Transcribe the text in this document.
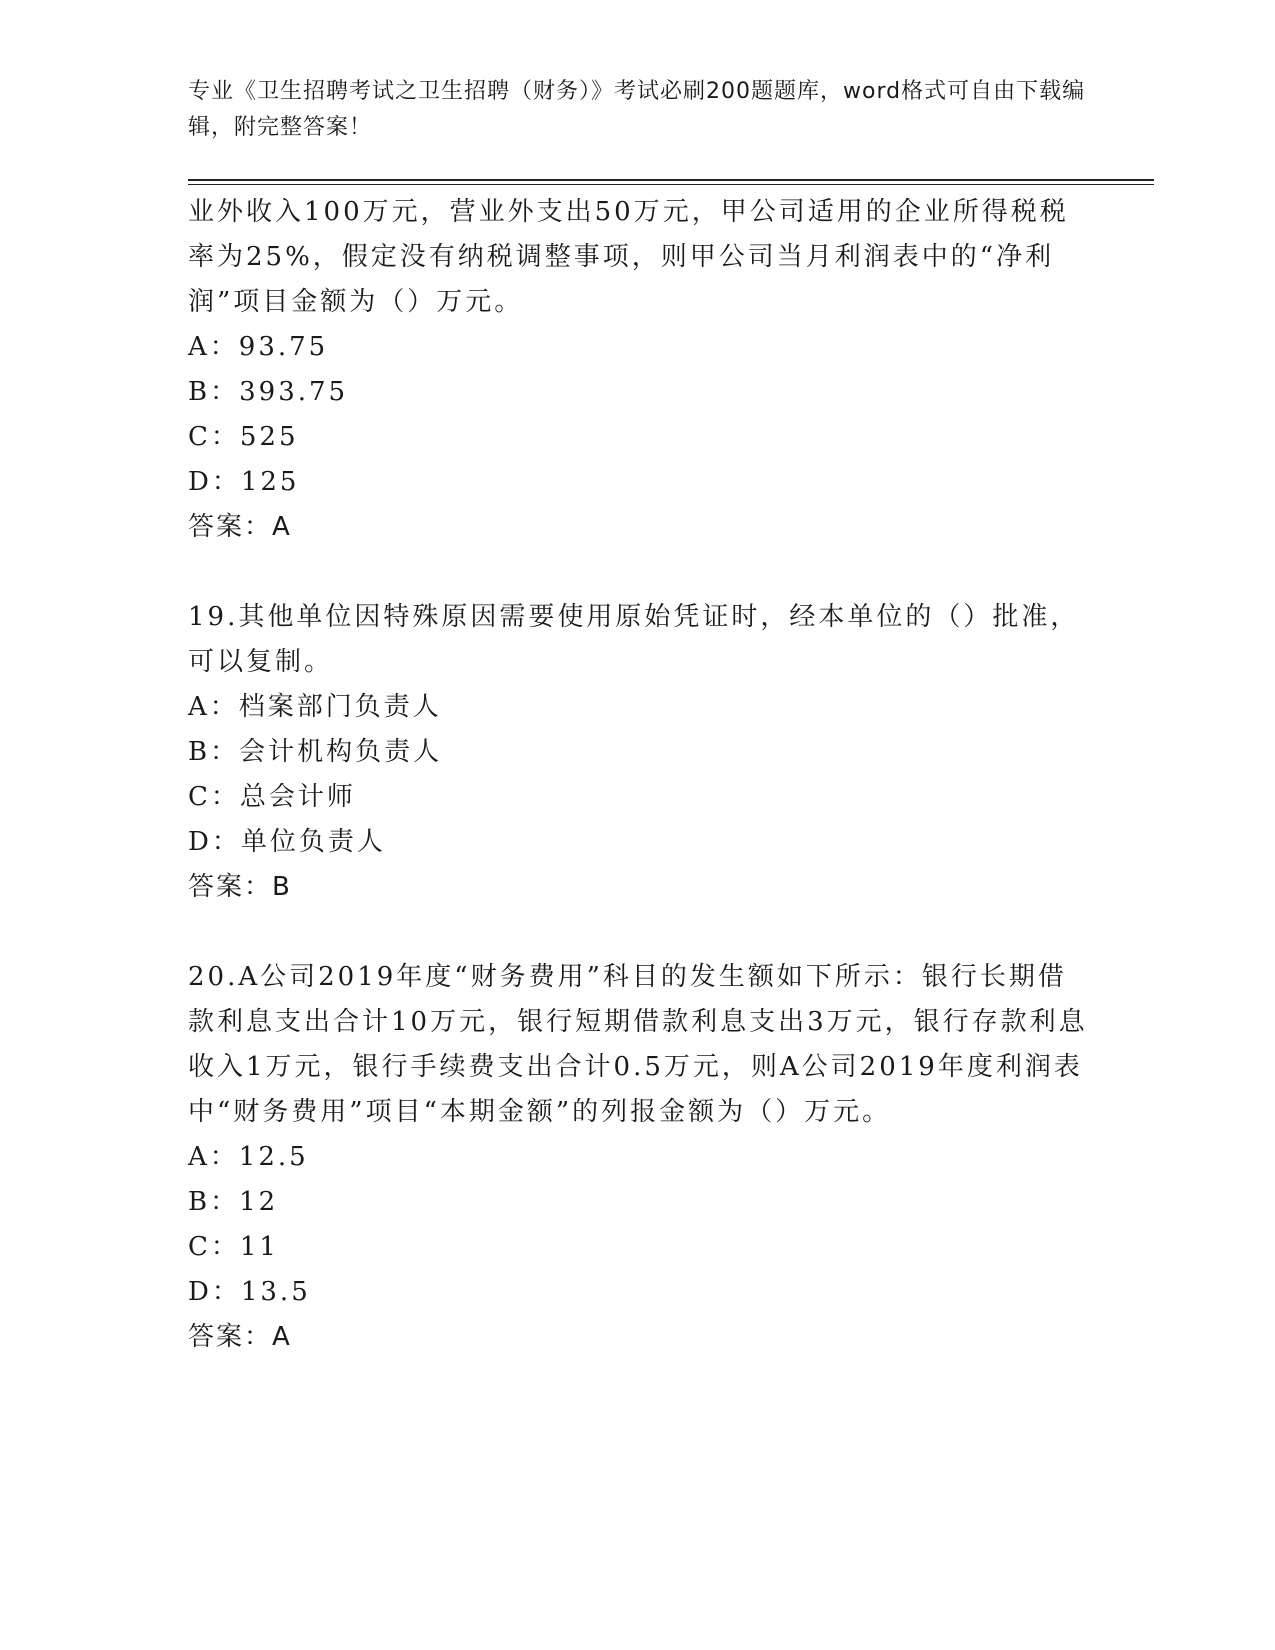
专业《卫生招聘考试之卫生招聘（财务）》考试必刷200题题库，word格式可自由下载编辑，附完整答案！
业外收入100万元，营业外支出50万元，甲公司适用的企业所得税税率为25%，假定没有纳税调整事项，则甲公司当月利润表中的“净利润”项目金额为（）万元。
A：93.75
B：393.75
C：525
D：125
答案：A
19.其他单位因特殊原因需要使用原始凭证时，经本单位的（）批准，可以复制。
A：档案部门负责人
B：会计机构负责人
C：总会计师
D：单位负责人
答案：B
20.A公司2019年度“财务费用”科目的发生额如下所示：银行长期借款利息支出合计10万元，银行短期借款利息支出3万元，银行存款利息收入1万元，银行手续费支出合计0.5万元，则A公司2019年度利润表中“财务费用”项目“本期金额”的列报金额为（）万元。
A：12.5
B：12
C：11
D：13.5
答案：A
